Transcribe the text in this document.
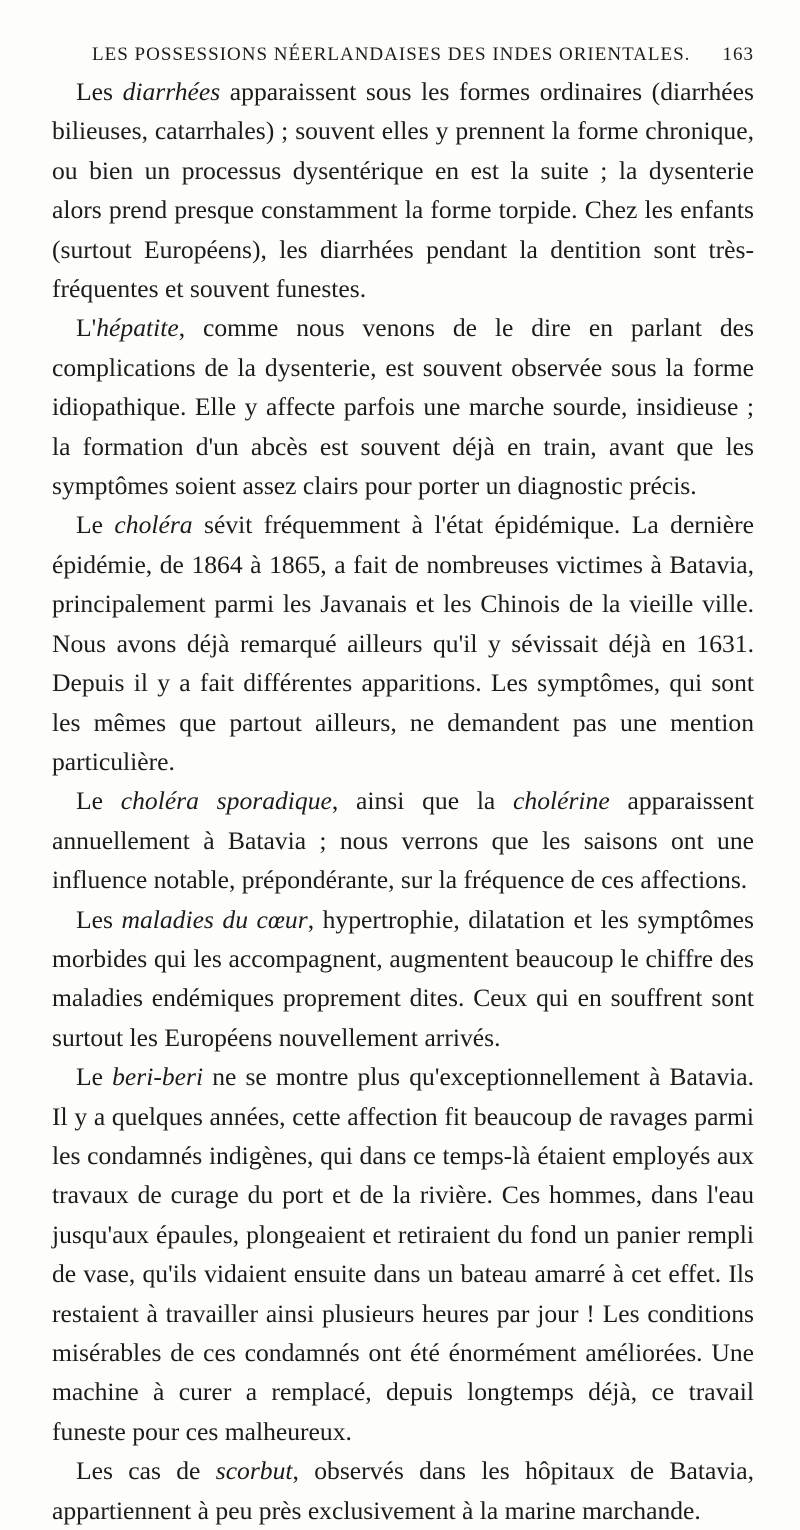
LES POSSESSIONS NÉERLANDAISES DES INDES ORIENTALES. 163

Les diarrhées apparaissent sous les formes ordinaires (diarrhées bilieuses, catarrhales) ; souvent elles y prennent la forme chronique, ou bien un processus dysentérique en est la suite ; la dysenterie alors prend presque constamment la forme torpide. Chez les enfants (surtout Européens), les diarrhées pendant la dentition sont très-fréquentes et souvent funestes.

L'hépatite, comme nous venons de le dire en parlant des complications de la dysenterie, est souvent observée sous la forme idiopathique. Elle y affecte parfois une marche sourde, insidieuse ; la formation d'un abcès est souvent déjà en train, avant que les symptômes soient assez clairs pour porter un diagnostic précis.

Le choléra sévit fréquemment à l'état épidémique. La dernière épidémie, de 1864 à 1865, a fait de nombreuses victimes à Batavia, principalement parmi les Javanais et les Chinois de la vieille ville. Nous avons déjà remarqué ailleurs qu'il y sévissait déjà en 1631. Depuis il y a fait différentes apparitions. Les symptômes, qui sont les mêmes que partout ailleurs, ne demandent pas une mention particulière.

Le choléra sporadique, ainsi que la cholérine apparaissent annuellement à Batavia ; nous verrons que les saisons ont une influence notable, prépondérante, sur la fréquence de ces affections.

Les maladies du cœur, hypertrophie, dilatation et les symptômes morbides qui les accompagnent, augmentent beaucoup le chiffre des maladies endémiques proprement dites. Ceux qui en souffrent sont surtout les Européens nouvellement arrivés.

Le beri-beri ne se montre plus qu'exceptionnellement à Batavia. Il y a quelques années, cette affection fit beaucoup de ravages parmi les condamnés indigènes, qui dans ce temps-là étaient employés aux travaux de curage du port et de la rivière. Ces hommes, dans l'eau jusqu'aux épaules, plongeaient et retiraient du fond un panier rempli de vase, qu'ils vidaient ensuite dans un bateau amarré à cet effet. Ils restaient à travailler ainsi plusieurs heures par jour ! Les conditions misérables de ces condamnés ont été énormément améliorées. Une machine à curer a remplacé, depuis longtemps déjà, ce travail funeste pour ces malheureux.

Les cas de scorbut, observés dans les hôpitaux de Batavia, appartiennent à peu près exclusivement à la marine marchande.
